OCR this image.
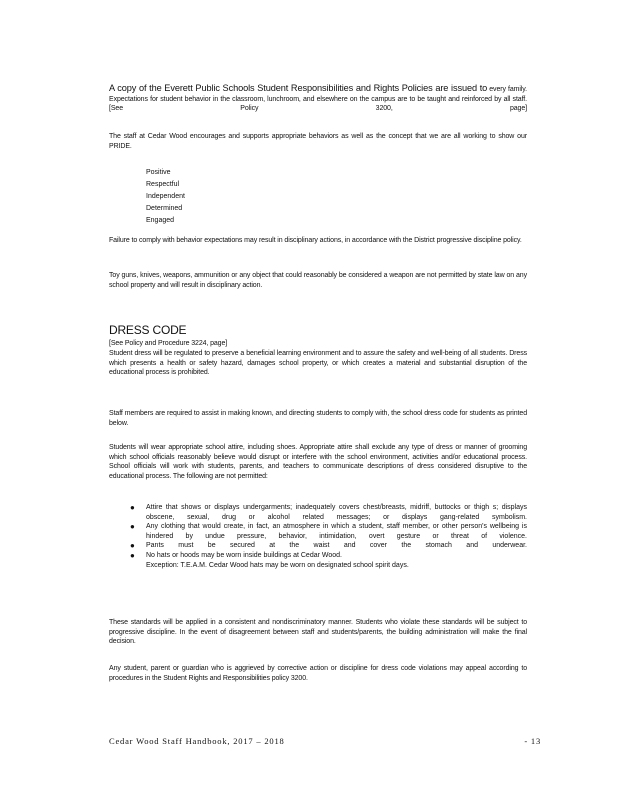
A copy of the Everett Public Schools Student Responsibilities and Rights Policies are issued to every family. Expectations for student behavior in the classroom, lunchroom, and elsewhere on the campus are to be taught and reinforced by all staff. [See Policy 3200, page]

The staff at Cedar Wood encourages and supports appropriate behaviors as well as the concept that we are all working to show our PRIDE.

Positive
Respectful
Independent
Determined
Engaged

Failure to comply with behavior expectations may result in disciplinary actions, in accordance with the District progressive discipline policy.

Toy guns, knives, weapons, ammunition or any object that could reasonably be considered a weapon are not permitted by state law on any school property and will result in disciplinary action.

DRESS CODE

[See Policy and Procedure 3224, page]

Student dress will be regulated to preserve a beneficial learning environment and to assure the safety and well-being of all students. Dress which presents a health or safety hazard, damages school property, or which creates a material and substantial disruption of the educational process is prohibited.

Staff members are required to assist in making known, and directing students to comply with, the school dress code for students as printed below.

Students will wear appropriate school attire, including shoes. Appropriate attire shall exclude any type of dress or manner of grooming which school officials reasonably believe would disrupt or interfere with the school environment, activities and/or educational process. School officials will work with students, parents, and teachers to communicate descriptions of dress considered disruptive to the educational process. The following are not permitted:

● Attire that shows or displays undergarments; inadequately covers chest/breasts, midriff, buttocks or thigh s; displays obscene, sexual, drug or alcohol related messages; or displays gang-related symbolism.
● Any clothing that would create, in fact, an atmosphere in which a student, staff member, or other person's wellbeing is hindered by undue pressure, behavior, intimidation, overt gesture or threat of violence.
● Pants must be secured at the waist and cover the stomach and underwear.
● No hats or hoods may be worn inside buildings at Cedar Wood.
Exception: T.E.A.M. Cedar Wood hats may be worn on designated school spirit days.

These standards will be applied in a consistent and nondiscriminatory manner. Students who violate these standards will be subject to progressive discipline. In the event of disagreement between staff and students/parents, the building administration will make the final decision.

Any student, parent or guardian who is aggrieved by corrective action or discipline for dress code violations may appeal according to procedures in the Student Rights and Responsibilities policy 3200.

Cedar Wood Staff Handbook, 2017 – 2018	- 13
